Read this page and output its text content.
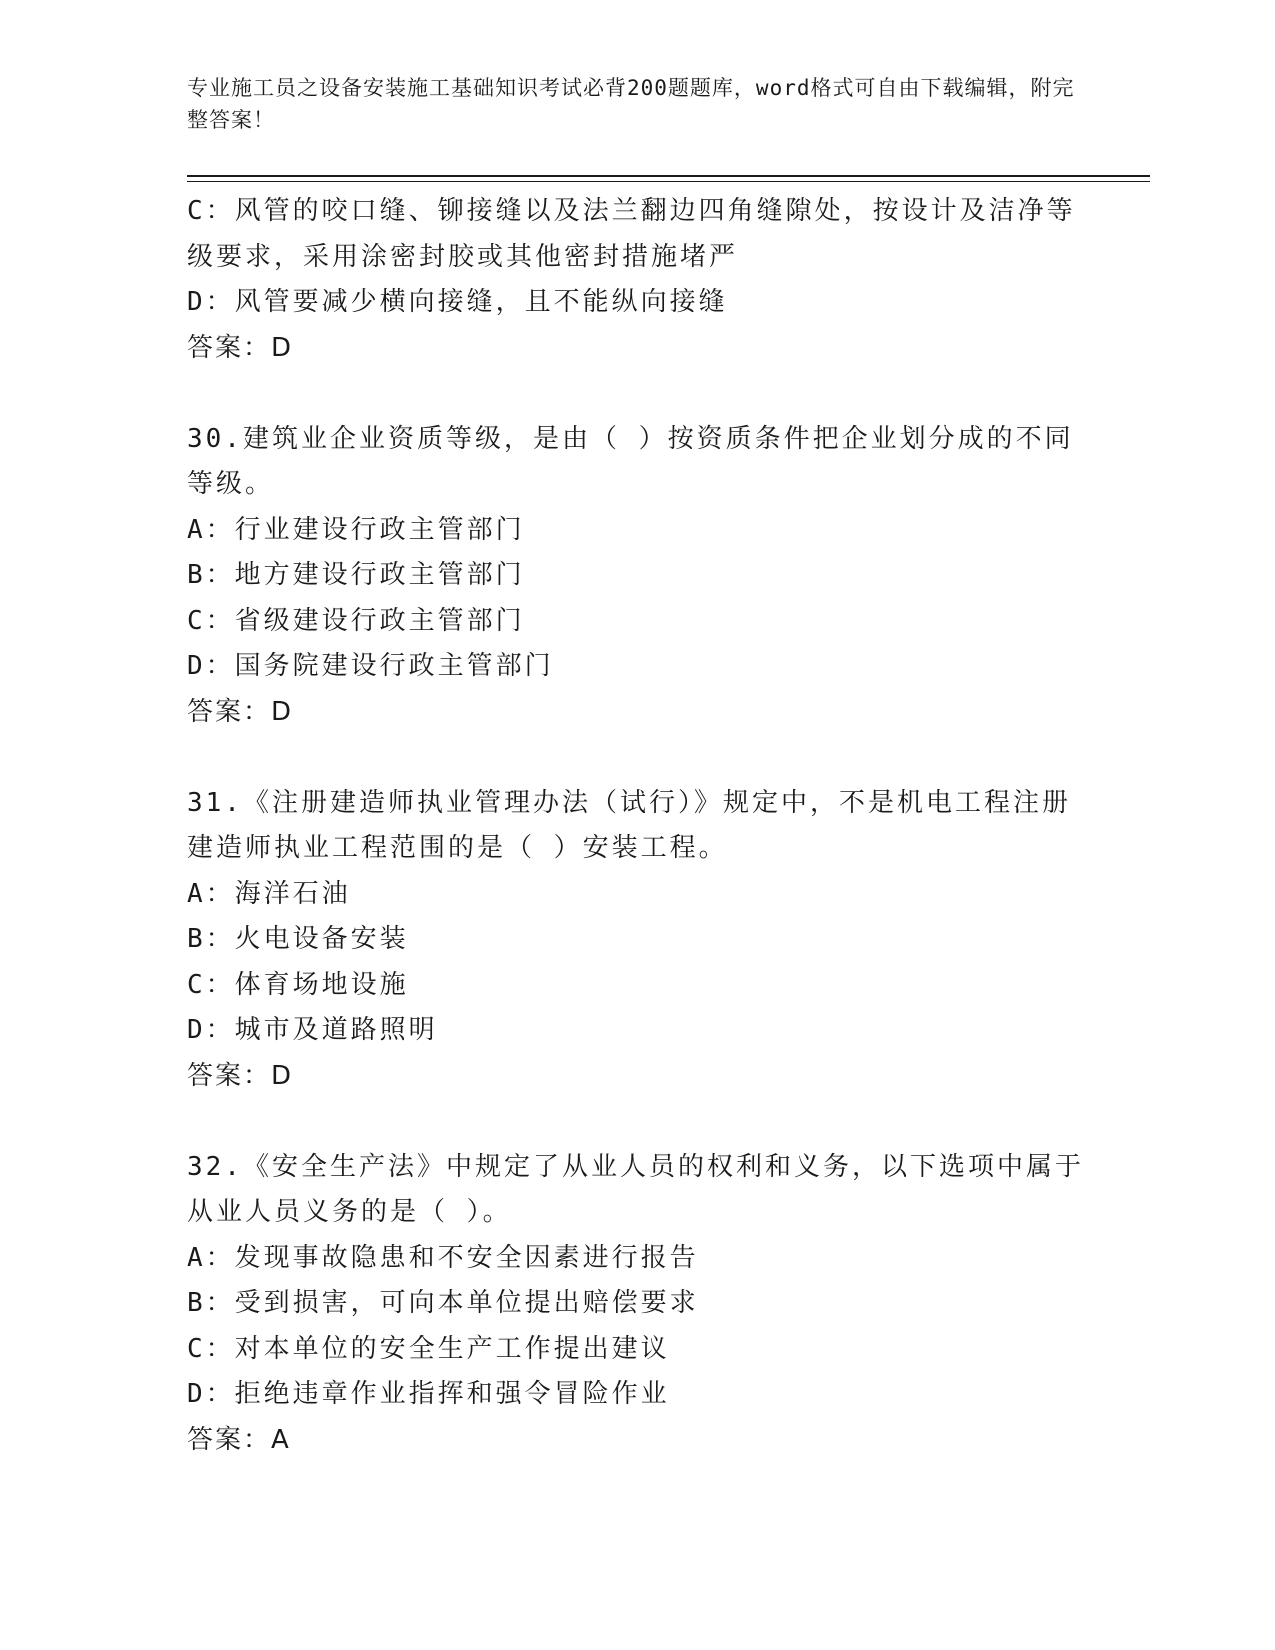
专业施工员之设备安装施工基础知识考试必背200题题库，word格式可自由下载编辑，附完整答案！
C：风管的咬口缝、铆接缝以及法兰翻边四角缝隙处，按设计及洁净等级要求，采用涂密封胶或其他密封措施堵严
D：风管要减少横向接缝，且不能纵向接缝
答案：D
30.建筑业企业资质等级，是由（ ）按资质条件把企业划分成的不同等级。
A：行业建设行政主管部门
B：地方建设行政主管部门
C：省级建设行政主管部门
D：国务院建设行政主管部门
答案：D
31.《注册建造师执业管理办法（试行）》规定中，不是机电工程注册建造师执业工程范围的是（ ）安装工程。
A：海洋石油
B：火电设备安装
C：体育场地设施
D：城市及道路照明
答案：D
32.《安全生产法》中规定了从业人员的权利和义务，以下选项中属于从业人员义务的是（ ）。
A：发现事故隐患和不安全因素进行报告
B：受到损害，可向本单位提出赔偿要求
C：对本单位的安全生产工作提出建议
D：拒绝违章作业指挥和强令冒险作业
答案：A
